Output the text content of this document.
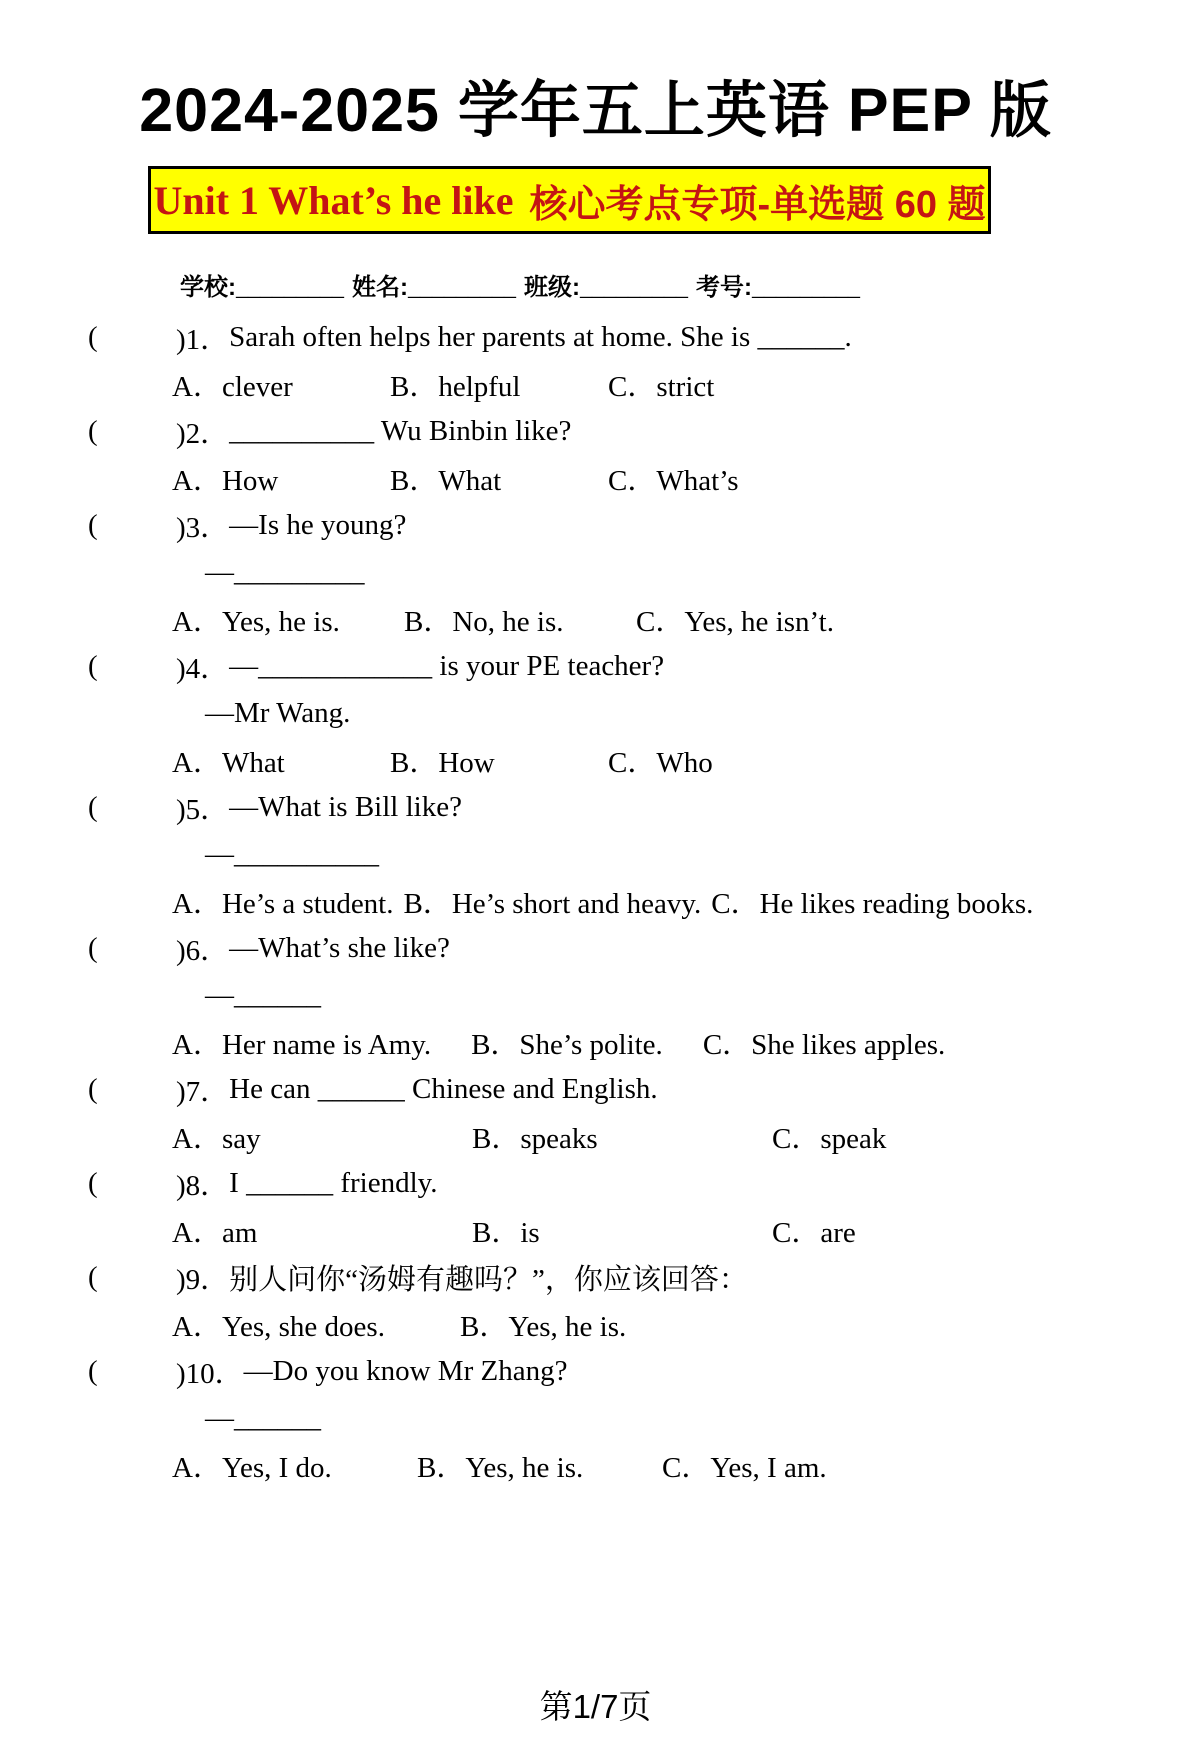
2024-2025 学年五上英语 PEP 版
Unit 1 What’s he like 核心考点专项-单选题 60 题
学校: _________ 姓名: _________ 班级: _________ 考号: _________
(	)1． Sarah often helps her parents at home. She is ______.
A．clever	B．helpful	C．strict
(	)2． __________ Wu Binbin like?
A．How	B．What	C．What’s
(	)3． —Is he young?
—_________
A．Yes, he is.	B．No, he is.	C．Yes, he isn’t.
(	)4． —____________ is your PE teacher?
—Mr Wang.
A．What	B．How	C．Who
(	)5． —What is Bill like?
—__________
A．He’s a student. B．He’s short and heavy. C．He likes reading books.
(	)6． —What’s she like?
—______
A．Her name is Amy. B．She’s polite. C．She likes apples.
(	)7． He can ______ Chinese and English.
A．say	B．speaks	C．speak
(	)8． I ______ friendly.
A．am	B．is	C．are
(	)9． 别人问你“汤姆有趣吗？”，你应该回答：
A．Yes, she does.	B．Yes, he is.
(	)10． —Do you know Mr Zhang?
—______
A．Yes, I do.	B．Yes, he is.	C．Yes, I am.
第1/7页
